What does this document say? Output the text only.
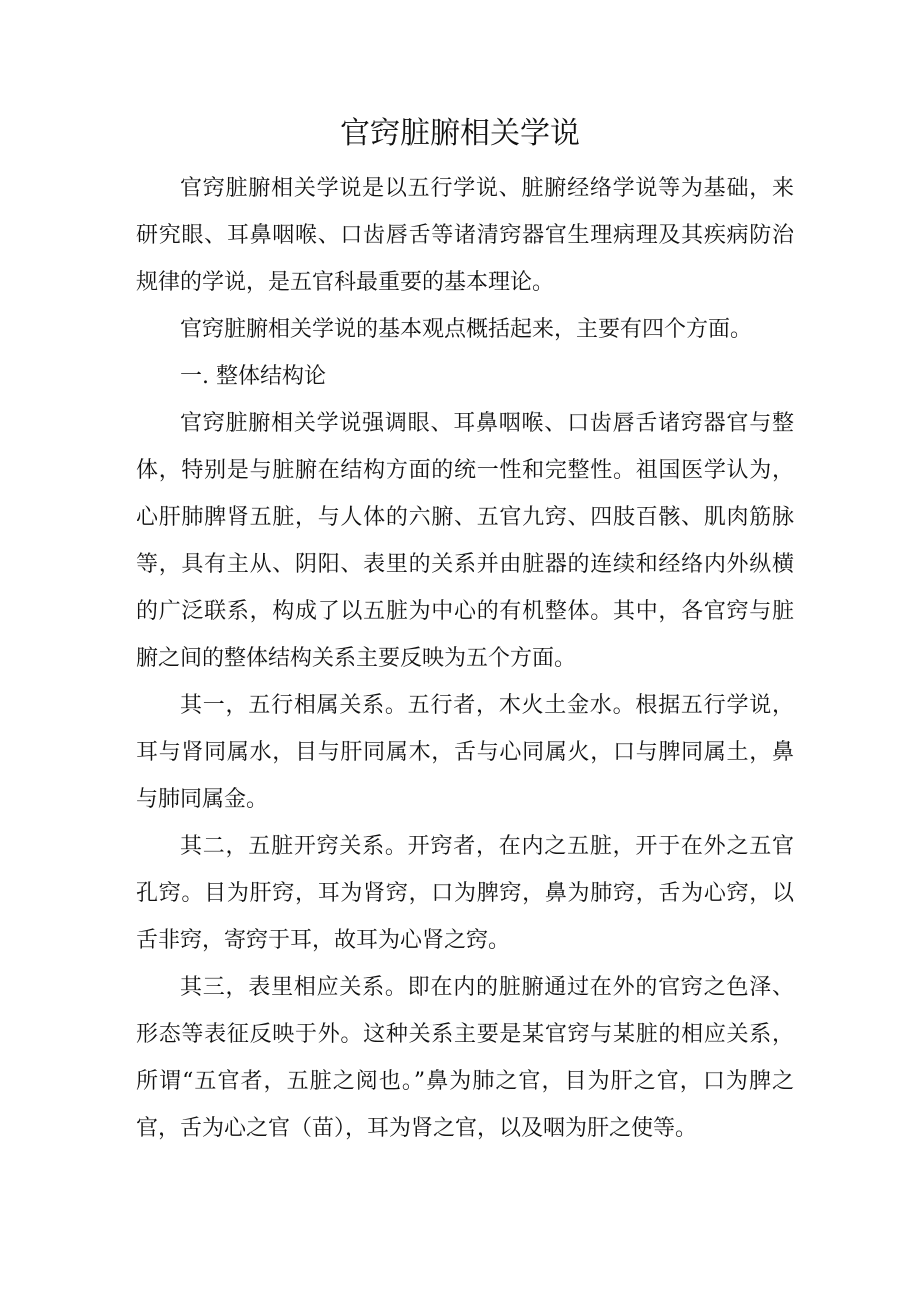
官窍脏腑相关学说

官窍脏腑相关学说是以五行学说、脏腑经络学说等为基础，来研究眼、耳鼻咽喉、口齿唇舌等诸清窍器官生理病理及其疾病防治规律的学说，是五官科最重要的基本理论。

官窍脏腑相关学说的基本观点概括起来，主要有四个方面。

一. 整体结构论

官窍脏腑相关学说强调眼、耳鼻咽喉、口齿唇舌诸窍器官与整体，特别是与脏腑在结构方面的统一性和完整性。祖国医学认为，心肝肺脾肾五脏，与人体的六腑、五官九窍、四肢百骸、肌肉筋脉等，具有主从、阴阳、表里的关系并由脏器的连续和经络内外纵横的广泛联系，构成了以五脏为中心的有机整体。其中，各官窍与脏腑之间的整体结构关系主要反映为五个方面。

其一，五行相属关系。五行者，木火土金水。根据五行学说，耳与肾同属水，目与肝同属木，舌与心同属火，口与脾同属土，鼻与肺同属金。

其二，五脏开窍关系。开窍者，在内之五脏，开于在外之五官孔窍。目为肝窍，耳为肾窍，口为脾窍，鼻为肺窍，舌为心窍，以舌非窍，寄窍于耳，故耳为心肾之窍。

其三，表里相应关系。即在内的脏腑通过在外的官窍之色泽、形态等表征反映于外。这种关系主要是某官窍与某脏的相应关系，所谓“五官者，五脏之阅也。”鼻为肺之官，目为肝之官，口为脾之官，舌为心之官（苗），耳为肾之官，以及咽为肝之使等。
